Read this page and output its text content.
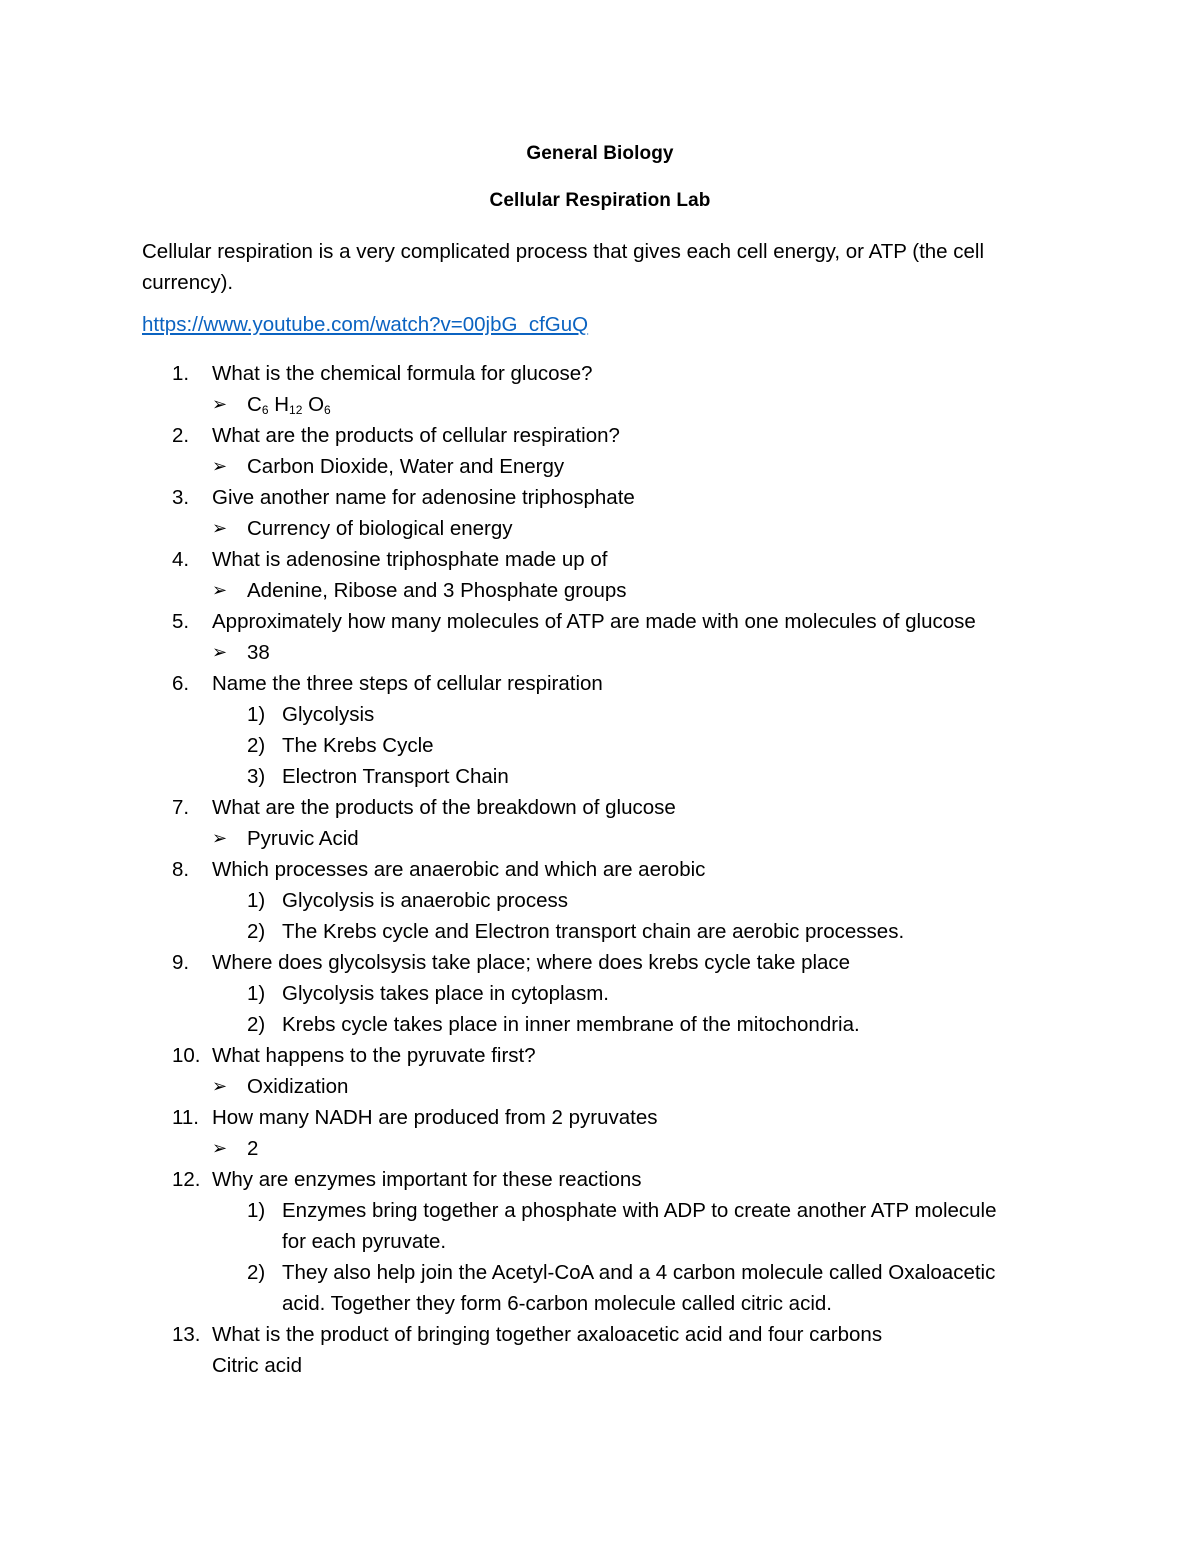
General Biology
Cellular Respiration Lab
Cellular respiration is a very complicated process that gives each cell energy, or ATP (the cell
currency).
https://www.youtube.com/watch?v=00jbG_cfGuQ
1.	What is the chemical formula for glucose?
➢ $C_6$ $H_{12}$ $O_6$
2.	What are the products of cellular respiration?
➢ Carbon Dioxide, Water and Energy
3.	Give another name for adenosine triphosphate
➢ Currency of biological energy
4.	What is adenosine triphosphate made up of
➢ Adenine, Ribose and 3 Phosphate groups
5.	Approximately how many molecules of ATP are made with one molecules of glucose
➢ 38
6.	Name the three steps of cellular respiration
1) Glycolysis
2) The Krebs Cycle
3) Electron Transport Chain
7.	What are the products of the breakdown of glucose
➢ Pyruvic Acid
8.	Which processes are anaerobic and which are aerobic
1) Glycolysis is anaerobic process
2) The Krebs cycle and Electron transport chain are aerobic processes.
9.	Where does glycolsysis take place; where does krebs cycle take place
1) Glycolysis takes place in cytoplasm.
2) Krebs cycle takes place in inner membrane of the mitochondria.
10. What happens to the pyruvate first?
➢ Oxidization
11. How many NADH are produced from 2 pyruvates
➢ 2
12. Why are enzymes important for these reactions
1) Enzymes bring together a phosphate with ADP to create another ATP molecule
for each pyruvate.
2) They also help join the Acetyl-CoA and a 4 carbon molecule called Oxaloacetic
acid. Together they form 6-carbon molecule called citric acid.
13. What is the product of bringing together axaloacetic acid and four carbons
Citric acid
